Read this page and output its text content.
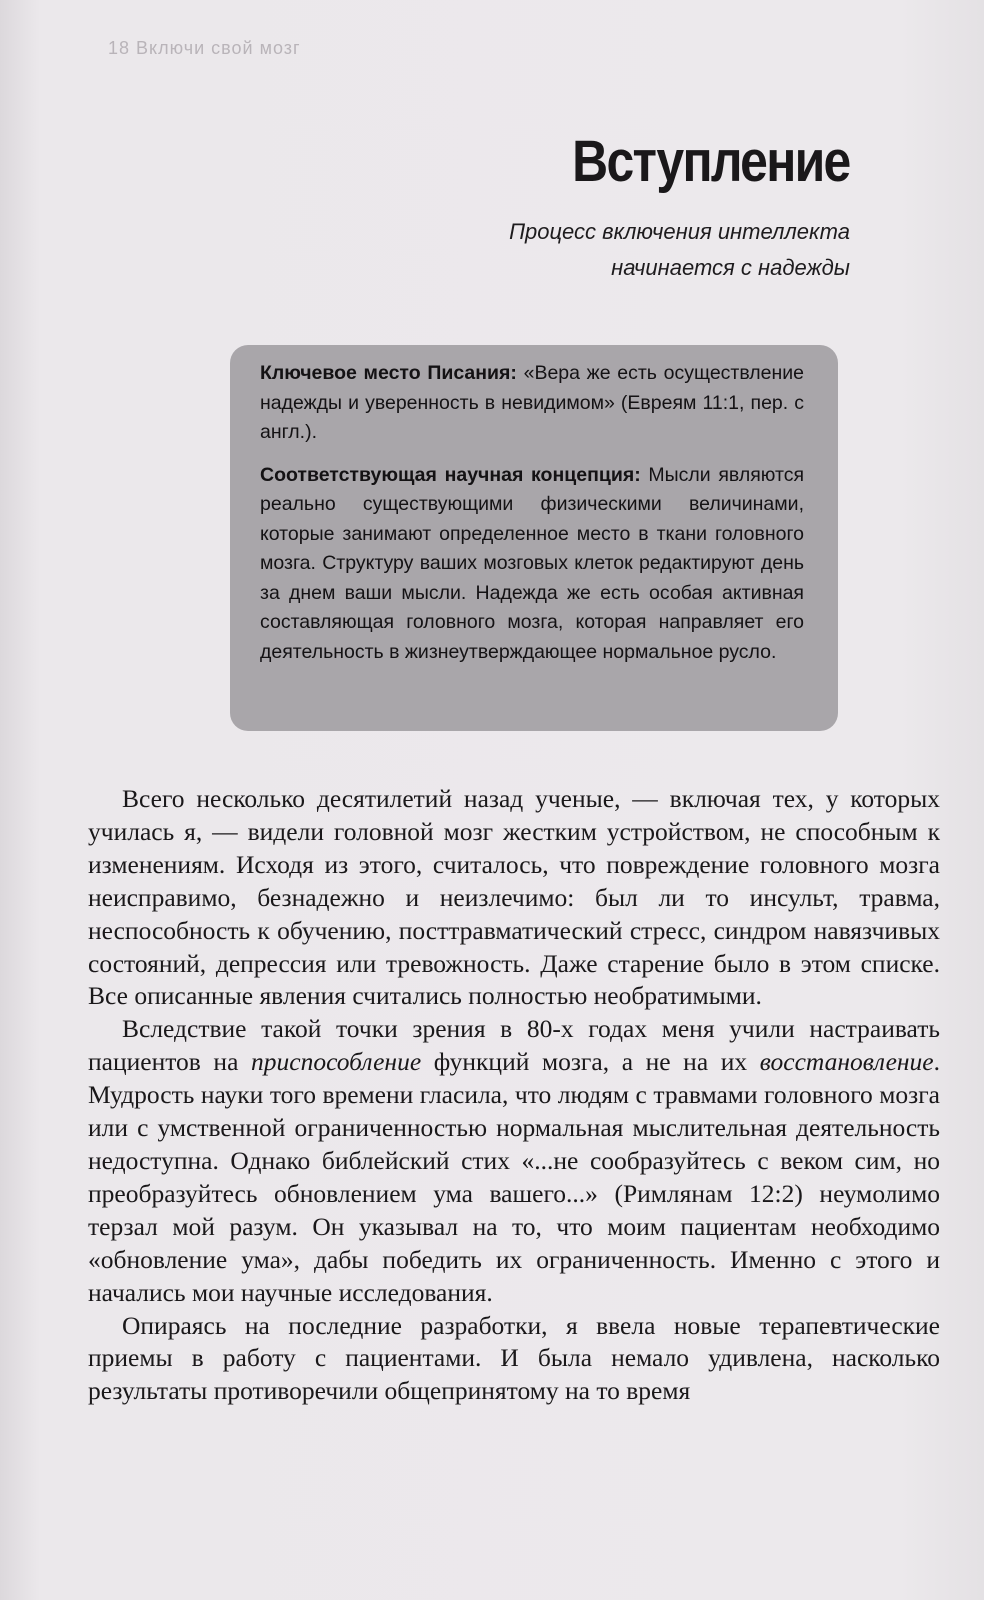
18 Включи свой мозг
Вступление
Процесс включения интеллекта
начинается с надежды

Ключевое место Писания: «Вера же есть осуществление надежды и уверенность в невидимом» (Евреям 11:1, пер. с англ.).

Соответствующая научная концепция: Мысли являются реально существующими физическими величинами, которые занимают определенное место в ткани головного мозга. Структуру ваших мозговых клеток редактируют день за днем ваши мысли. Надежда же есть особая активная составляющая головного мозга, которая направляет его деятельность в жизнеутверждающее нормальное русло.

Всего несколько десятилетий назад ученые, — включая тех, у которых училась я, — видели головной мозг жестким устройством, не способным к изменениям. Исходя из этого, считалось, что повреждение головного мозга неисправимо, безнадежно и неизлечимо: был ли то инсульт, травма, неспособность к обучению, посттравматический стресс, синдром навязчивых состояний, депрессия или тревожность. Даже старение было в этом списке. Все описанные явления считались полностью необратимыми.

Вследствие такой точки зрения в 80-х годах меня учили настраивать пациентов на приспособление функций мозга, а не на их восстановление. Мудрость науки того времени гласила, что людям с травмами головного мозга или с умственной ограниченностью нормальная мыслительная деятельность недоступна. Однако библейский стих «...не сообразуйтесь с веком сим, но преобразуйтесь обновлением ума вашего...» (Римлянам 12:2) неумолимо терзал мой разум. Он указывал на то, что моим пациентам необходимо «обновление ума», дабы победить их ограниченность. Именно с этого и начались мои научные исследования.

Опираясь на последние разработки, я ввела новые терапевтические приемы в работу с пациентами. И была немало удивлена, насколько результаты противоречили общепринятому на то время
